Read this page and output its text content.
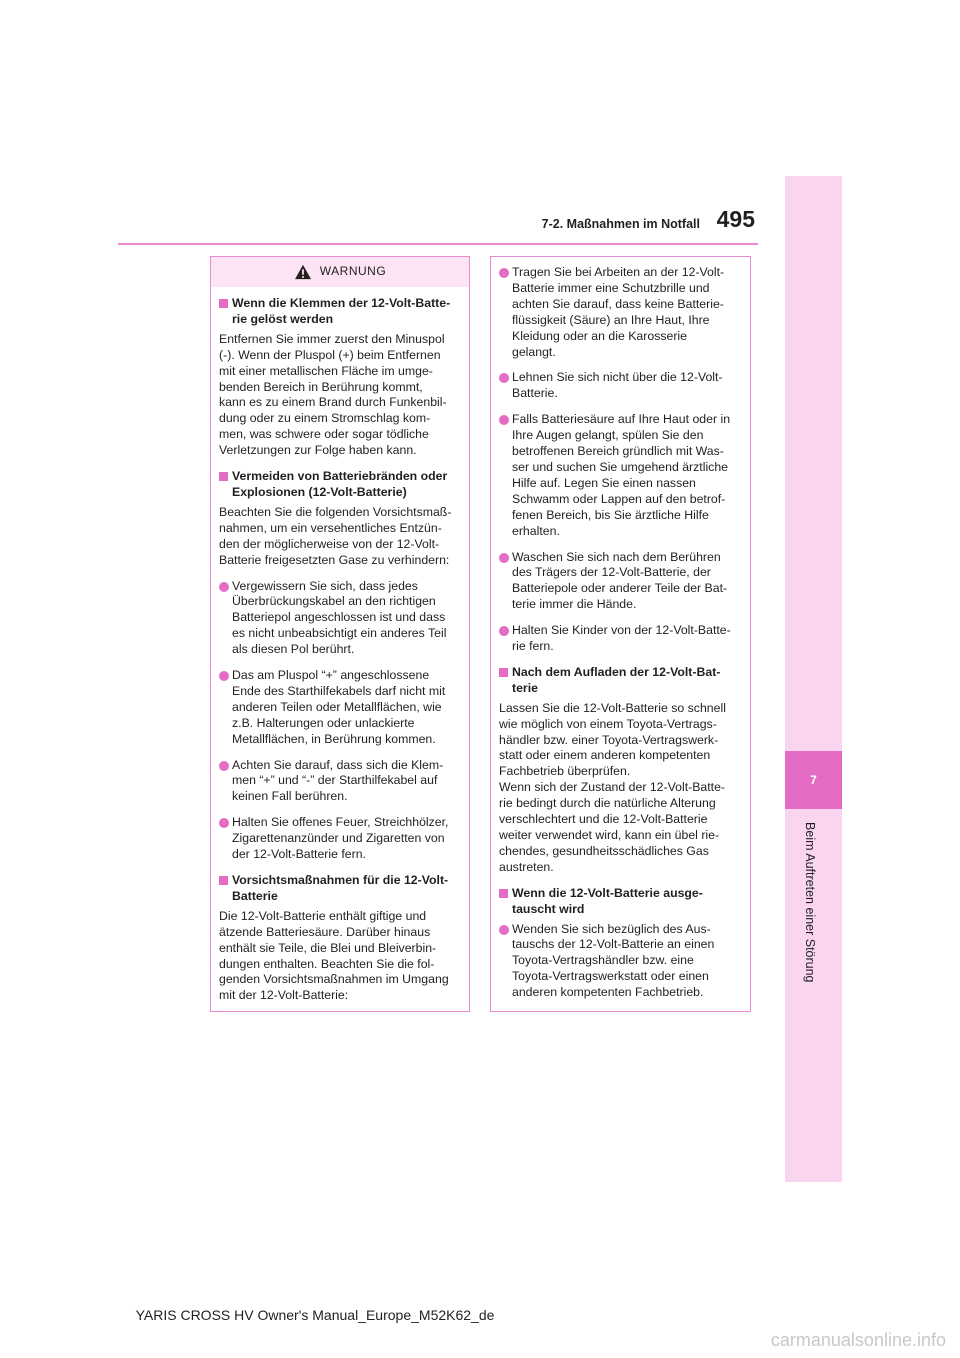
7
Beim Auftreten einer Störung
495
7-2. Maßnahmen im Notfall
WARNUNG
Wenn die Klemmen der 12-Volt-Batte-
rie gelöst werden
Entfernen Sie immer zuerst den Minuspol
(-). Wenn der Pluspol (+) beim Entfernen
mit einer metallischen Fläche im umge-
benden Bereich in Berührung kommt,
kann es zu einem Brand durch Funkenbil-
dung oder zu einem Stromschlag kom-
men, was schwere oder sogar tödliche
Verletzungen zur Folge haben kann.
Vermeiden von Batteriebränden oder
Explosionen (12-Volt-Batterie)
Beachten Sie die folgenden Vorsichtsmaß-
nahmen, um ein versehentliches Entzün-
den der möglicherweise von der 12-Volt-
Batterie freigesetzten Gase zu verhindern:
Vergewissern Sie sich, dass jedes
Überbrückungskabel an den richtigen
Batteriepol angeschlossen ist und dass
es nicht unbeabsichtigt ein anderes Teil
als diesen Pol berührt.
Das am Pluspol “+” angeschlossene
Ende des Starthilfekabels darf nicht mit
anderen Teilen oder Metallflächen, wie
z.B. Halterungen oder unlackierte
Metallflächen, in Berührung kommen.
Achten Sie darauf, dass sich die Klem-
men “+” und “-” der Starthilfekabel auf
keinen Fall berühren.
Halten Sie offenes Feuer, Streichhölzer,
Zigarettenanzünder und Zigaretten von
der 12-Volt-Batterie fern.
Vorsichtsmaßnahmen für die 12-Volt-
Batterie
Die 12-Volt-Batterie enthält giftige und
ätzende Batteriesäure. Darüber hinaus
enthält sie Teile, die Blei und Bleiverbin-
dungen enthalten. Beachten Sie die fol-
genden Vorsichtsmaßnahmen im Umgang
mit der 12-Volt-Batterie:
Tragen Sie bei Arbeiten an der 12-Volt-
Batterie immer eine Schutzbrille und
achten Sie darauf, dass keine Batterie-
flüssigkeit (Säure) an Ihre Haut, Ihre
Kleidung oder an die Karosserie
gelangt.
Lehnen Sie sich nicht über die 12-Volt-
Batterie.
Falls Batteriesäure auf Ihre Haut oder in
Ihre Augen gelangt, spülen Sie den
betroffenen Bereich gründlich mit Was-
ser und suchen Sie umgehend ärztliche
Hilfe auf. Legen Sie einen nassen
Schwamm oder Lappen auf den betrof-
fenen Bereich, bis Sie ärztliche Hilfe
erhalten.
Waschen Sie sich nach dem Berühren
des Trägers der 12-Volt-Batterie, der
Batteriepole oder anderer Teile der Bat-
terie immer die Hände.
Halten Sie Kinder von der 12-Volt-Batte-
rie fern.
Nach dem Aufladen der 12-Volt-Bat-
terie
Lassen Sie die 12-Volt-Batterie so schnell
wie möglich von einem Toyota-Vertrags-
händler bzw. einer Toyota-Vertragswerk-
statt oder einem anderen kompetenten
Fachbetrieb überprüfen.
Wenn sich der Zustand der 12-Volt-Batte-
rie bedingt durch die natürliche Alterung
verschlechtert und die 12-Volt-Batterie
weiter verwendet wird, kann ein übel rie-
chendes, gesundheitsschädliches Gas
austreten.
Wenn die 12-Volt-Batterie ausge-
tauscht wird
Wenden Sie sich bezüglich des Aus-
tauschs der 12-Volt-Batterie an einen
Toyota-Vertragshändler bzw. eine
Toyota-Vertragswerkstatt oder einen
anderen kompetenten Fachbetrieb.
YARIS CROSS HV Owner's Manual_Europe_M52K62_de
carmanualsonline.info
